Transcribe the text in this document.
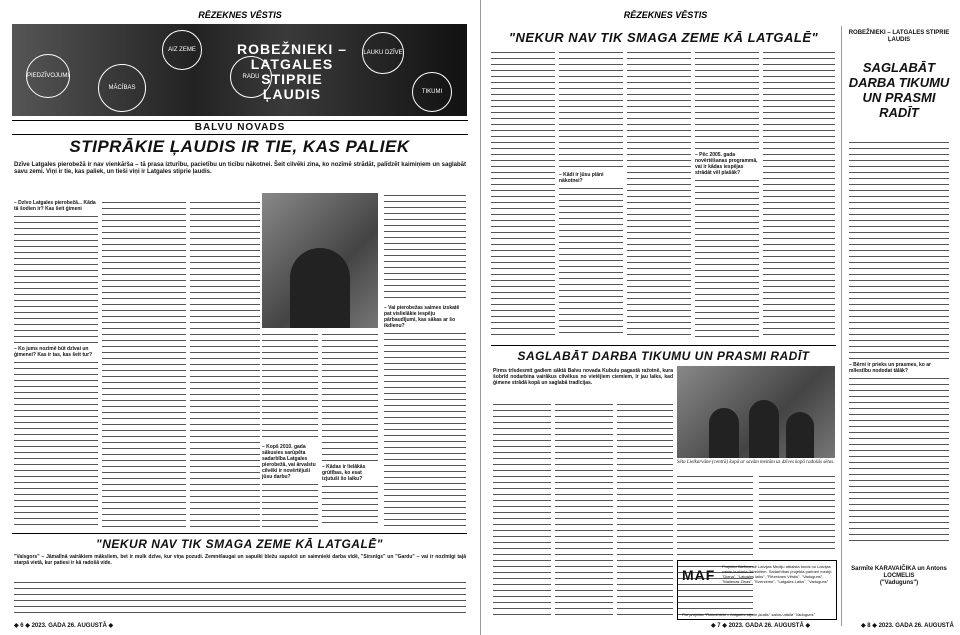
RĒZEKNES VĒSTIS
PIEDZĪVOJUMI
MĀCĪBAS
AIZ ZEME
RADU
LAUKU DZĪVE
TIKUMI
ROBEŽNIEKI –
LATGALES
STIPRIE
ĻAUDIS
BALVU NOVADS
STIPRĀKIE ĻAUDIS IR TIE, KAS PALIEK
Dzīve Latgales pierobežā ir nav vienkārša – tā prasa izturību, pacietību un ticību nākotnei. Šeit cilvēki zina, ko nozīmē strādāt, palīdzēt kaimiņiem un saglabāt savu zemi. Viņi ir tie, kas paliek, un tieši viņi ir Latgales stiprie ļaudis.
– Dzīvo Latgales pierobežā... Kāda tā šodien ir? Kas šeit ģimeni
– Ko jums nozīmē būt dzīvai un ģimenei? Kas ir tas, kas šeit tur?
– Kopš 2010. gada sākusies sarūpēta sadarbība Latgales pierobežā, vai ārvalstu cilvēki ir novērtējuši jūsu darbu?
– Kādas ir lielākās grūtības, ko esat izjutuši šo laiku?
– Vai pierobežas saimes izskatē pat vislielākie iespēju pārbaudījumi, kas sākas ar šo ikdienu?
"NEKUR NAV TIK SMAGA ZEME KĀ LATGALĒ"
"Valsgors" – Jāmalīnā vairākiem māksliem, bet ir mulk dzīve, kur viņa pozudi. Zemnēlaugai un sapulki bīežu sapulcē un saimnieki darba vīdē, "Sirsnīgs" un "Gardu" – vai ir nozīmīgi tajā starpā vietā, kur patiesi ir kā radošā vide.
◆ 6 ◆ 2023. GADA 26. AUGUSTĀ ◆
RĒZEKNES VĒSTIS
"NEKUR NAV TIK SMAGA ZEME KĀ LATGALĒ"
– Kādi ir jūsu plāni nākotnei?
– Pēc 2005. gada novērtēšanas programmā, vai ir kādas iespējas strādāt vēl plašāk?
ROBEŽNIEKI – LATGALES STIPRIE ĻAUDIS
SAGLABĀT DARBA TIKUMU UN PRASMI RADĪT
– Bērni ir prieks un prasmes, ko ar mīlestību nododat tālāk?
Sarmīte KARAVAIČIKA un Antons LOCMELIS
("Vaduguns")
SAGLABĀT DARBA TIKUMU UN PRASMI RADĪT
Pirms trīsdesmit gadiem sāktā Balvu novada Kubulu pagastā ražotnē, kura šobrīd nodarbina vairākus cilvēkus no vietējiem ciemiem, ir jau laiks, kad ģimene strādā kopā un saglabā tradīcijas.
Sēta Lielkarvāne (centrā) kopā ar savām meitām uz dzīves kopā radošās sētas.
MAF
Projektu līdzfinansē Latvijas Mediju atbalsta fonds no Latvijas valsts budžeta līdzekļiem. Sadarbības projekta partneri mediji: "Diena", "Latgales laiks", "Rēzeknes Vēstis", "Vaduguns", "Malienas Ziņas", "Ezerzeme", "Latgales Laiks", "Vaduguns"
Par projekta "Robežnieki – Latgales stiprie ļaudis" saturu atbild "Vaduguns"
◆ 7 ◆ 2023. GADA 26. AUGUSTĀ ◆	◆ 8 ◆ 2023. GADA 26. AUGUSTĀ
